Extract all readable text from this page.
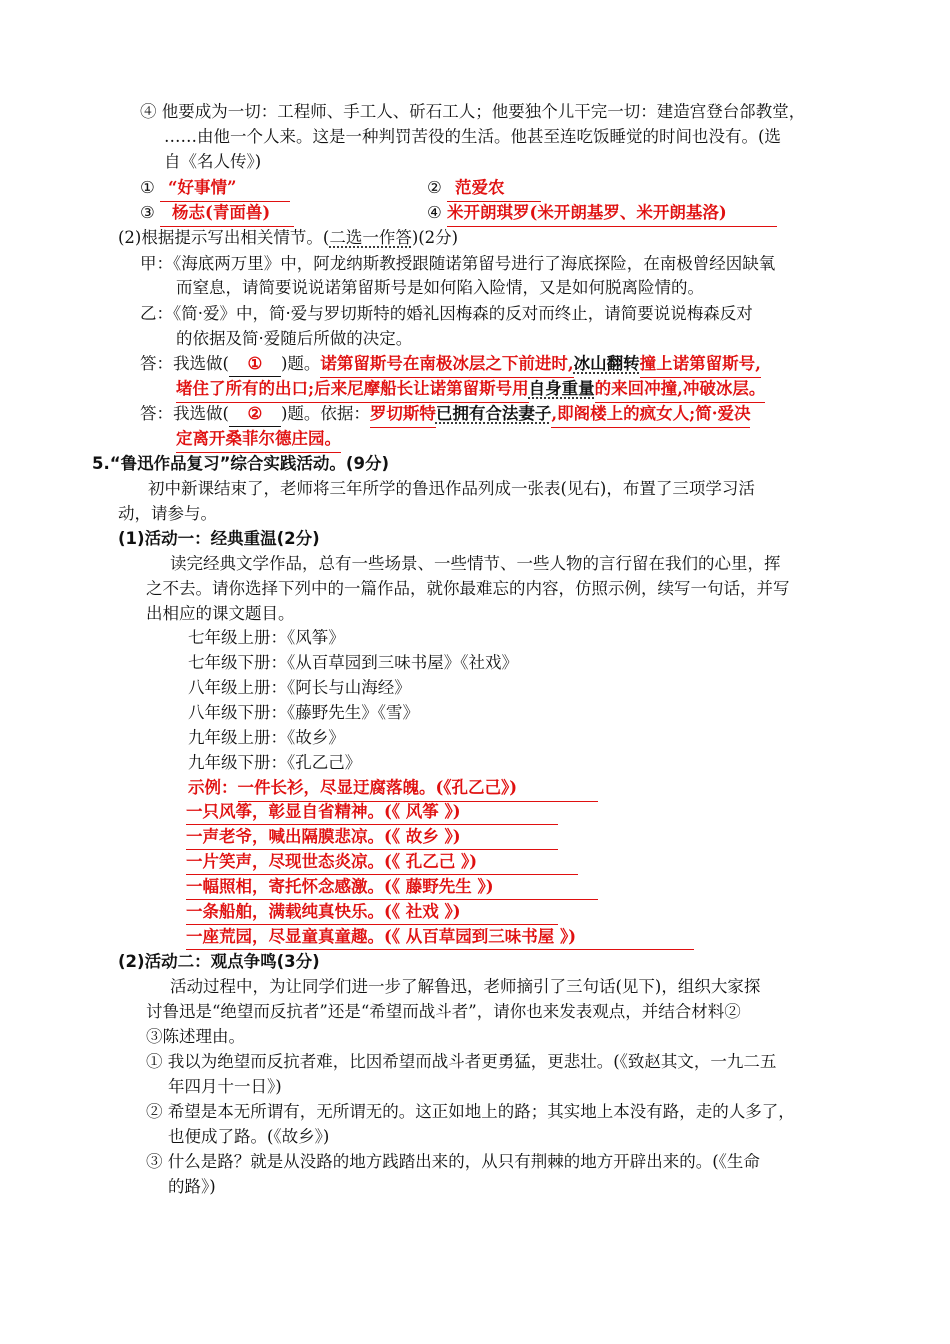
④ 他要成为一切：工程师、手工人、斫石工人；他要独个儿干完一切：建造宫登台郃教堂，
……由他一个人来。这是一种判罚苦役的生活。他甚至连吃饭睡觉的时间也没有。(选
自《名人传》)
① “好事情”	② 范爱农
③ 杨志(青面兽)	④ 米开朗琪罗(米开朗基罗、米开朗基洛)
(2)根据提示写出相关情节。(二选一作答)(2分)
甲：《海底两万里》中，阿龙纳斯教授跟随诺第留号进行了海底探险，在南极曾经因缺氧
而窒息，请简要说说诺第留斯号是如何陷入险情，又是如何脱离险情的。
乙：《简·爱》中，简·爱与罗切斯特的婚礼因梅森的反对而终止，请简要说说梅森反对
的依据及简·爱随后所做的决定。
答：我选做( ① )题。诺第留斯号在南极冰层之下前进时,冰山翻转撞上诺第留斯号,
堵住了所有的出口;后来尼摩船长让诺第留斯号用自身重量的来回冲撞,冲破冰层。
答：我选做( ② )题。依据：罗切斯特已拥有合法妻子,即阁楼上的疯女人;简·爱决
定离开桑菲尔德庄园。
5.“鲁迅作品复习”综合实践活动。(9分)
初中新课结束了，老师将三年所学的鲁迅作品列成一张表(见右)，布置了三项学习活
动，请参与。
(1)活动一：经典重温(2分)
读完经典文学作品，总有一些场景、一些情节、一些人物的言行留在我们的心里，挥
之不去。请你选择下列中的一篇作品，就你最难忘的内容，仿照示例，续写一句话，并写
出相应的课文题目。
七年级上册：《风筝》
七年级下册：《从百草园到三味书屋》《社戏》
八年级上册：《阿长与山海经》
八年级下册：《藤野先生》《雪》
九年级上册：《故乡》
九年级下册：《孔乙己》
示例：一件长衫，尽显迂腐落魄。(《孔乙己》)
一只风筝，彰显自省精神。(《 风筝 》)
一声老爷，喊出隔膜悲凉。(《 故乡 》)
一片笑声，尽现世态炎凉。(《 孔乙己 》)
一幅照相，寄托怀念感激。(《 藤野先生 》)
一条船舶，满载纯真快乐。(《 社戏 》)
一座荒园，尽显童真童趣。(《 从百草园到三味书屋 》)
(2)活动二：观点争鸣(3分)
活动过程中，为让同学们进一步了解鲁迅，老师摘引了三句话(见下)，组织大家探
讨鲁迅是“绝望而反抗者”还是“希望而战斗者”，请你也来发表观点，并结合材料②
③陈述理由。
① 我以为绝望而反抗者难，比因希望而战斗者更勇猛，更悲壮。(《致赵其文，一九二五
年四月十一日》)
② 希望是本无所谓有，无所谓无的。这正如地上的路；其实地上本没有路，走的人多了，
也便成了路。(《故乡》)
③ 什么是路？就是从没路的地方践踏出来的，从只有荆棘的地方开辟出来的。(《生命
的路》)
